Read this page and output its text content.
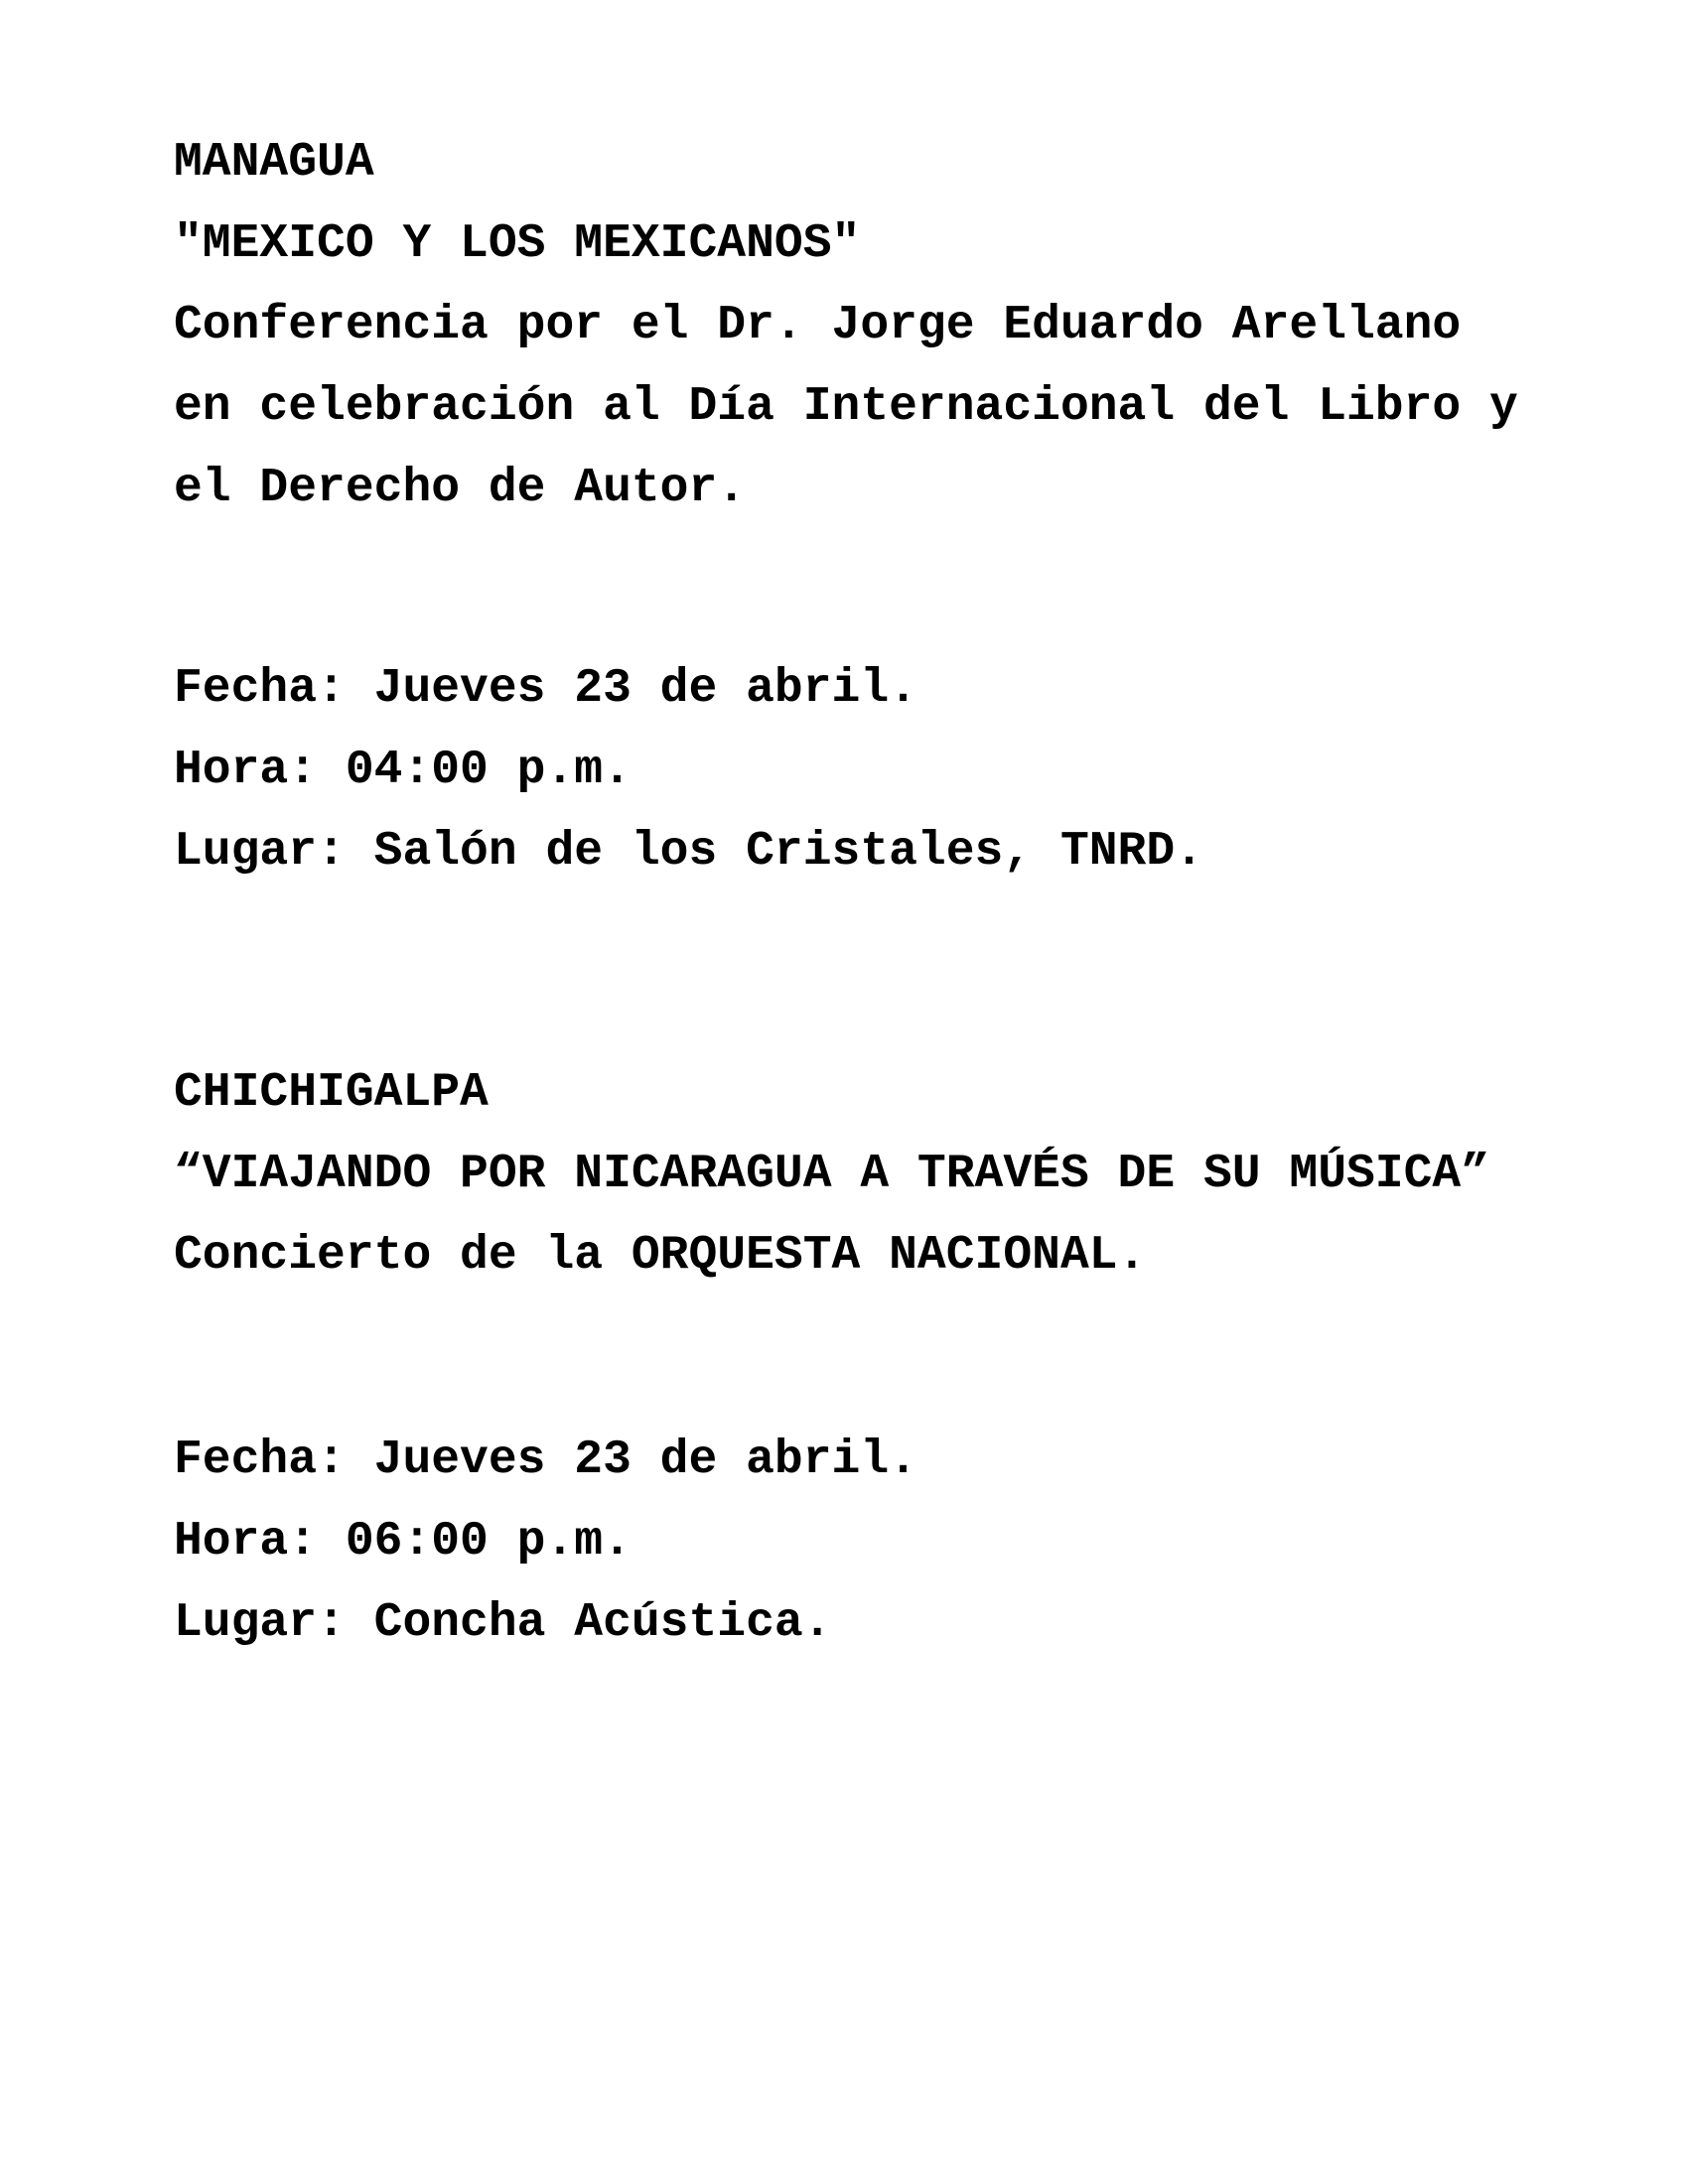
MANAGUA

"MEXICO Y LOS MEXICANOS"

Conferencia por el Dr. Jorge Eduardo Arellano

en celebración al Día Internacional del Libro y

el Derecho de Autor.

Fecha: Jueves 23 de abril.

Hora: 04:00 p.m.

Lugar: Salón de los Cristales, TNRD.

CHICHIGALPA

“VIAJANDO POR NICARAGUA A TRAVÉS DE SU MÚSICA”

Concierto de la ORQUESTA NACIONAL.

Fecha: Jueves 23 de abril.

Hora: 06:00 p.m.

Lugar: Concha Acústica.
